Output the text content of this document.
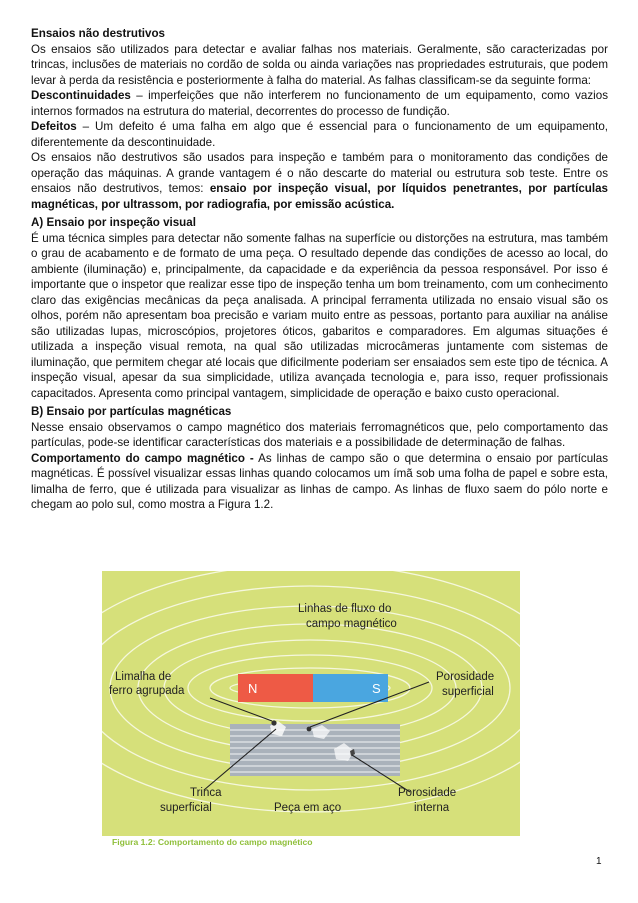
Ensaios não destrutivos

Os ensaios são utilizados para detectar e avaliar falhas nos materiais. Geralmente, são caracterizadas por trincas, inclusões de materiais no cordão de solda ou ainda variações nas propriedades estruturais, que podem levar à perda da resistência e posteriormente à falha do material. As falhas classificam-se da seguinte forma:

Descontinuidades – imperfeições que não interferem no funcionamento de um equipamento, como vazios internos formados na estrutura do material, decorrentes do processo de fundição.

Defeitos – Um defeito é uma falha em algo que é essencial para o funcionamento de um equipamento, diferentemente da descontinuidade.

Os ensaios não destrutivos são usados para inspeção e também para o monitoramento das condições de operação das máquinas. A grande vantagem é o não descarte do material ou estrutura sob teste. Entre os ensaios não destrutivos, temos: ensaio por inspeção visual, por líquidos penetrantes, por partículas magnéticas, por ultrassom, por radiografia, por emissão acústica.

A) Ensaio por inspeção visual

É uma técnica simples para detectar não somente falhas na superfície ou distorções na estrutura, mas também o grau de acabamento e de formato de uma peça. O resultado depende das condições de acesso ao local, do ambiente (iluminação) e, principalmente, da capacidade e da experiência da pessoa responsável. Por isso é importante que o inspetor que realizar esse tipo de inspeção tenha um bom treinamento, com um conhecimento claro das exigências mecânicas da peça analisada. A principal ferramenta utilizada no ensaio visual são os olhos, porém não apresentam boa precisão e variam muito entre as pessoas, portanto para auxiliar na análise são utilizadas lupas, microscópios, projetores óticos, gabaritos e comparadores. Em algumas situações é utilizada a inspeção visual remota, na qual são utilizadas microcâmeras juntamente com sistemas de iluminação, que permitem chegar até locais que dificilmente poderiam ser ensaiados sem este tipo de técnica. A inspeção visual, apesar da sua simplicidade, utiliza avançada tecnologia e, para isso, requer profissionais capacitados. Apresenta como principal vantagem, simplicidade de operação e baixo custo operacional.

B) Ensaio por partículas magnéticas

Nesse ensaio observamos o campo magnético dos materiais ferromagnéticos que, pelo comportamento das partículas, pode-se identificar características dos materiais e a possibilidade de determinação de falhas.

Comportamento do campo magnético - As linhas de campo são o que determina o ensaio por partículas magnéticas. É possível visualizar essas linhas quando colocamos um ímã sob uma folha de papel e sobre esta, limalha de ferro, que é utilizada para visualizar as linhas de campo. As linhas de fluxo saem do pólo norte e chegam ao polo sul, como mostra a Figura 1.2.

N	S
Linhas de fluxo do
campo magnético
Limalha de
ferro agrupada
Porosidade
superficial
Trinca
superficial	Peça em aço
Porosidade
interna
Figura 1.2: Comportamento do campo magnético
1
